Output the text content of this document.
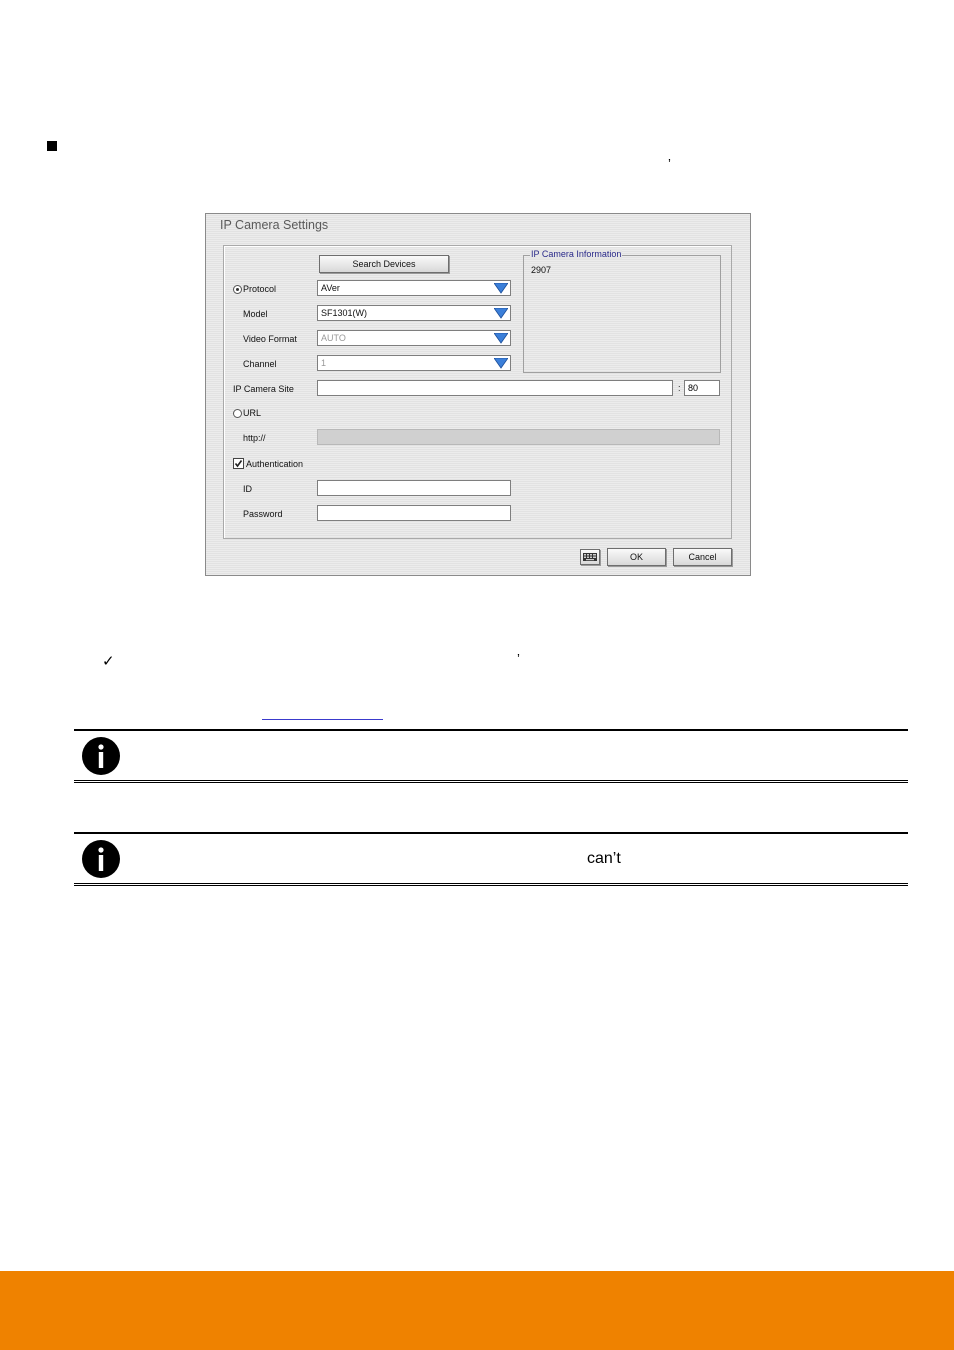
’
IP Camera Settings
Search Devices
Protocol	AVer
Model	SF1301(W)
Video Format	AUTO
Channel	1
IP Camera Information
2907
IP Camera Site	: 80
URL
http://
Authentication
ID
Password
OK	Cancel
✓	’
can’t
